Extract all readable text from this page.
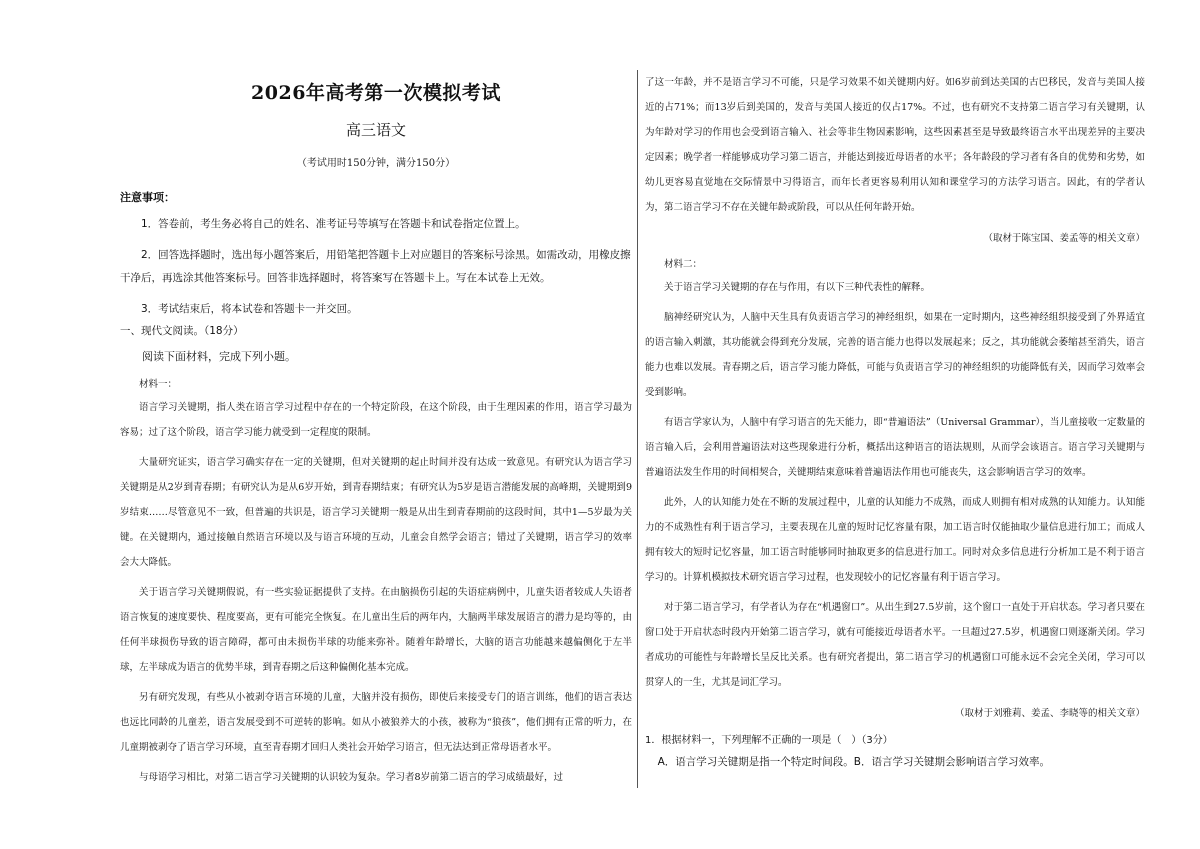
2026年高考第一次模拟考试
高三语文
（考试用时150分钟，满分150分）
注意事项：
1．答卷前，考生务必将自己的姓名、准考证号等填写在答题卡和试卷指定位置上。
2．回答选择题时，选出每小题答案后，用铅笔把答题卡上对应题目的答案标号涂黑。如需改动，用橡皮擦干净后，再选涂其他答案标号。回答非选择题时，将答案写在答题卡上。写在本试卷上无效。
3．考试结束后，将本试卷和答题卡一并交回。
一、现代文阅读。（18分）
阅读下面材料，完成下列小题。
材料一：
语言学习关键期，指人类在语言学习过程中存在的一个特定阶段，在这个阶段，由于生理因素的作用，语言学习最为容易；过了这个阶段，语言学习能力就受到一定程度的限制。
大量研究证实，语言学习确实存在一定的关键期，但对关键期的起止时间并没有达成一致意见。有研究认为语言学习关键期是从2岁到青春期；有研究认为是从6岁开始，到青春期结束；有研究认为5岁是语言潜能发展的高峰期，关键期到9岁结束……尽管意见不一致，但普遍的共识是，语言学习关键期一般是从出生到青春期前的这段时间，其中1—5岁最为关键。在关键期内，通过接触自然语言环境以及与语言环境的互动，儿童会自然学会语言；错过了关键期，语言学习的效率会大大降低。
关于语言学习关键期假说，有一些实验证据提供了支持。在由脑损伤引起的失语症病例中，儿童失语者较成人失语者语言恢复的速度要快、程度要高，更有可能完全恢复。在儿童出生后的两年内，大脑两半球发展语言的潜力是均等的，由任何半球损伤导致的语言障碍，都可由未损伤半球的功能来弥补。随着年龄增长，大脑的语言功能越来越偏侧化于左半球，左半球成为语言的优势半球，到青春期之后这种偏侧化基本完成。
另有研究发现，有些从小被剥夺语言环境的儿童，大脑并没有损伤，即使后来接受专门的语言训练，他们的语言表达也远比同龄的儿童差，语言发展受到不可逆转的影响。如从小被狼养大的小孩，被称为“狼孩”，他们拥有正常的听力，在儿童期被剥夺了语言学习环境，直至青春期才回归人类社会开始学习语言，但无法达到正常母语者水平。
与母语学习相比，对第二语言学习关键期的认识较为复杂。学习者8岁前第二语言的学习成绩最好，过
了这一年龄，并不是语言学习不可能，只是学习效果不如关键期内好。如6岁前到达美国的古巴移民，发音与美国人接近的占71%；而13岁后到美国的，发音与美国人接近的仅占17%。不过，也有研究不支持第二语言学习有关键期，认为年龄对学习的作用也会受到语言输入、社会等非生物因素影响，这些因素甚至是导致最终语言水平出现差异的主要决定因素；晚学者一样能够成功学习第二语言，并能达到接近母语者的水平；各年龄段的学习者有各自的优势和劣势，如幼儿更容易直觉地在交际情景中习得语言，而年长者更容易利用认知和课堂学习的方法学习语言。因此，有的学者认为，第二语言学习不存在关键年龄或阶段，可以从任何年龄开始。
（取材于陈宝国、姜孟等的相关文章）
材料二：
关于语言学习关键期的存在与作用，有以下三种代表性的解释。
脑神经研究认为，人脑中天生具有负责语言学习的神经组织，如果在一定时期内，这些神经组织接受到了外界适宜的语言输入刺激，其功能就会得到充分发展，完善的语言能力也得以发展起来；反之，其功能就会萎缩甚至消失，语言能力也难以发展。青春期之后，语言学习能力降低，可能与负责语言学习的神经组织的功能降低有关，因而学习效率会受到影响。
有语言学家认为，人脑中有学习语言的先天能力，即“普遍语法”（Universal Grammar），当儿童接收一定数量的语言输入后，会利用普遍语法对这些现象进行分析，概括出这种语言的语法规则，从而学会该语言。语言学习关键期与普遍语法发生作用的时间相契合，关键期结束意味着普遍语法作用也可能丧失，这会影响语言学习的效率。
此外，人的认知能力处在不断的发展过程中，儿童的认知能力不成熟，而成人则拥有相对成熟的认知能力。认知能力的不成熟性有利于语言学习，主要表现在儿童的短时记忆容量有限，加工语言时仅能抽取少量信息进行加工；而成人拥有较大的短时记忆容量，加工语言时能够同时抽取更多的信息进行加工。同时对众多信息进行分析加工是不利于语言学习的。计算机模拟技术研究语言学习过程，也发现较小的记忆容量有利于语言学习。
对于第二语言学习，有学者认为存在“机遇窗口”。从出生到27.5岁前，这个窗口一直处于开启状态。学习者只要在窗口处于开启状态时段内开始第二语言学习，就有可能接近母语者水平。一旦超过27.5岁，机遇窗口则逐渐关闭。学习者成功的可能性与年龄增长呈反比关系。也有研究者提出，第二语言学习的机遇窗口可能永远不会完全关闭，学习可以贯穿人的一生，尤其是词汇学习。
（取材于刘雅莉、姜孟、李晓等的相关文章）
1．根据材料一，下列理解不正确的一项是（　）（3分）
A．语言学习关键期是指一个特定时间段。B．语言学习关键期会影响语言学习效率。
